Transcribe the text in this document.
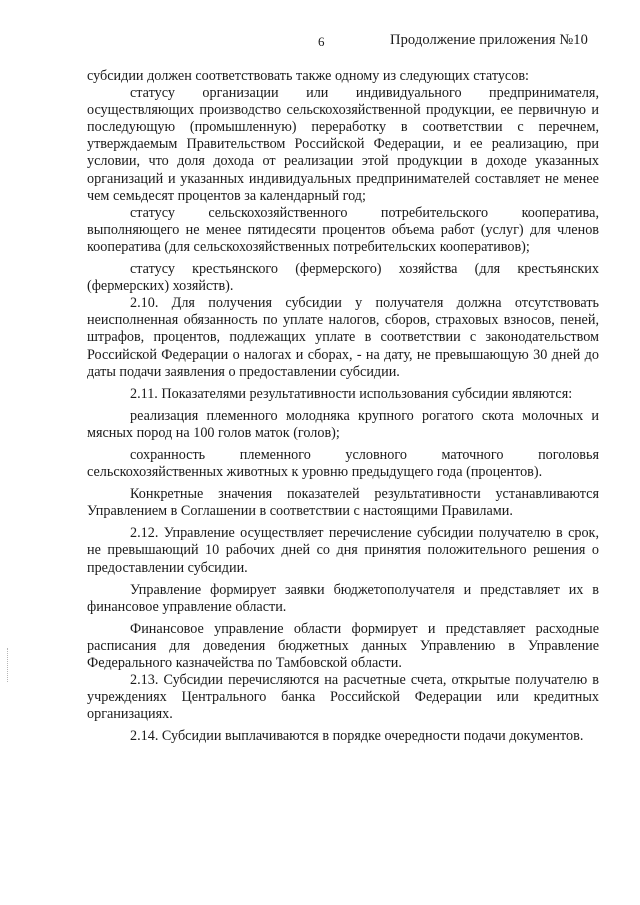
6	Продолжение приложения №10

субсидии должен соответствовать также одному из следующих статусов:

статусу организации или индивидуального предпринимателя, осуществляющих производство сельскохозяйственной продукции, ее первичную и последующую (промышленную) переработку в соответствии с перечнем, утверждаемым Правительством Российской Федерации, и ее реализацию, при условии, что доля дохода от реализации этой продукции в доходе указанных организаций и указанных индивидуальных предпринимателей составляет не менее чем семьдесят процентов за календарный год;

статусу сельскохозяйственного потребительского кооператива, выполняющего не менее пятидесяти процентов объема работ (услуг) для членов кооператива (для сельскохозяйственных потребительских кооперативов);

статусу крестьянского (фермерского) хозяйства (для крестьянских (фермерских) хозяйств).

2.10. Для получения субсидии у получателя должна отсутствовать неисполненная обязанность по уплате налогов, сборов, страховых взносов, пеней, штрафов, процентов, подлежащих уплате в соответствии с законодательством Российской Федерации о налогах и сборах, - на дату, не превышающую 30 дней до даты подачи заявления о предоставлении субсидии.

2.11. Показателями результативности использования субсидии являются:

реализация племенного молодняка крупного рогатого скота молочных и мясных пород на 100 голов маток (голов);

сохранность племенного условного маточного поголовья сельскохозяйственных животных к уровню предыдущего года (процентов).

Конкретные значения показателей результативности устанавливаются Управлением в Соглашении в соответствии с настоящими Правилами.

2.12. Управление осуществляет перечисление субсидии получателю в срок, не превышающий 10 рабочих дней со дня принятия положительного решения о предоставлении субсидии.

Управление формирует заявки бюджетополучателя и представляет их в финансовое управление области.

Финансовое управление области формирует и представляет расходные расписания для доведения бюджетных данных Управлению в Управление Федерального казначейства по Тамбовской области.

2.13. Субсидии перечисляются на расчетные счета, открытые получателю в учреждениях Центрального банка Российской Федерации или кредитных организациях.

2.14. Субсидии выплачиваются в порядке очередности подачи документов.
